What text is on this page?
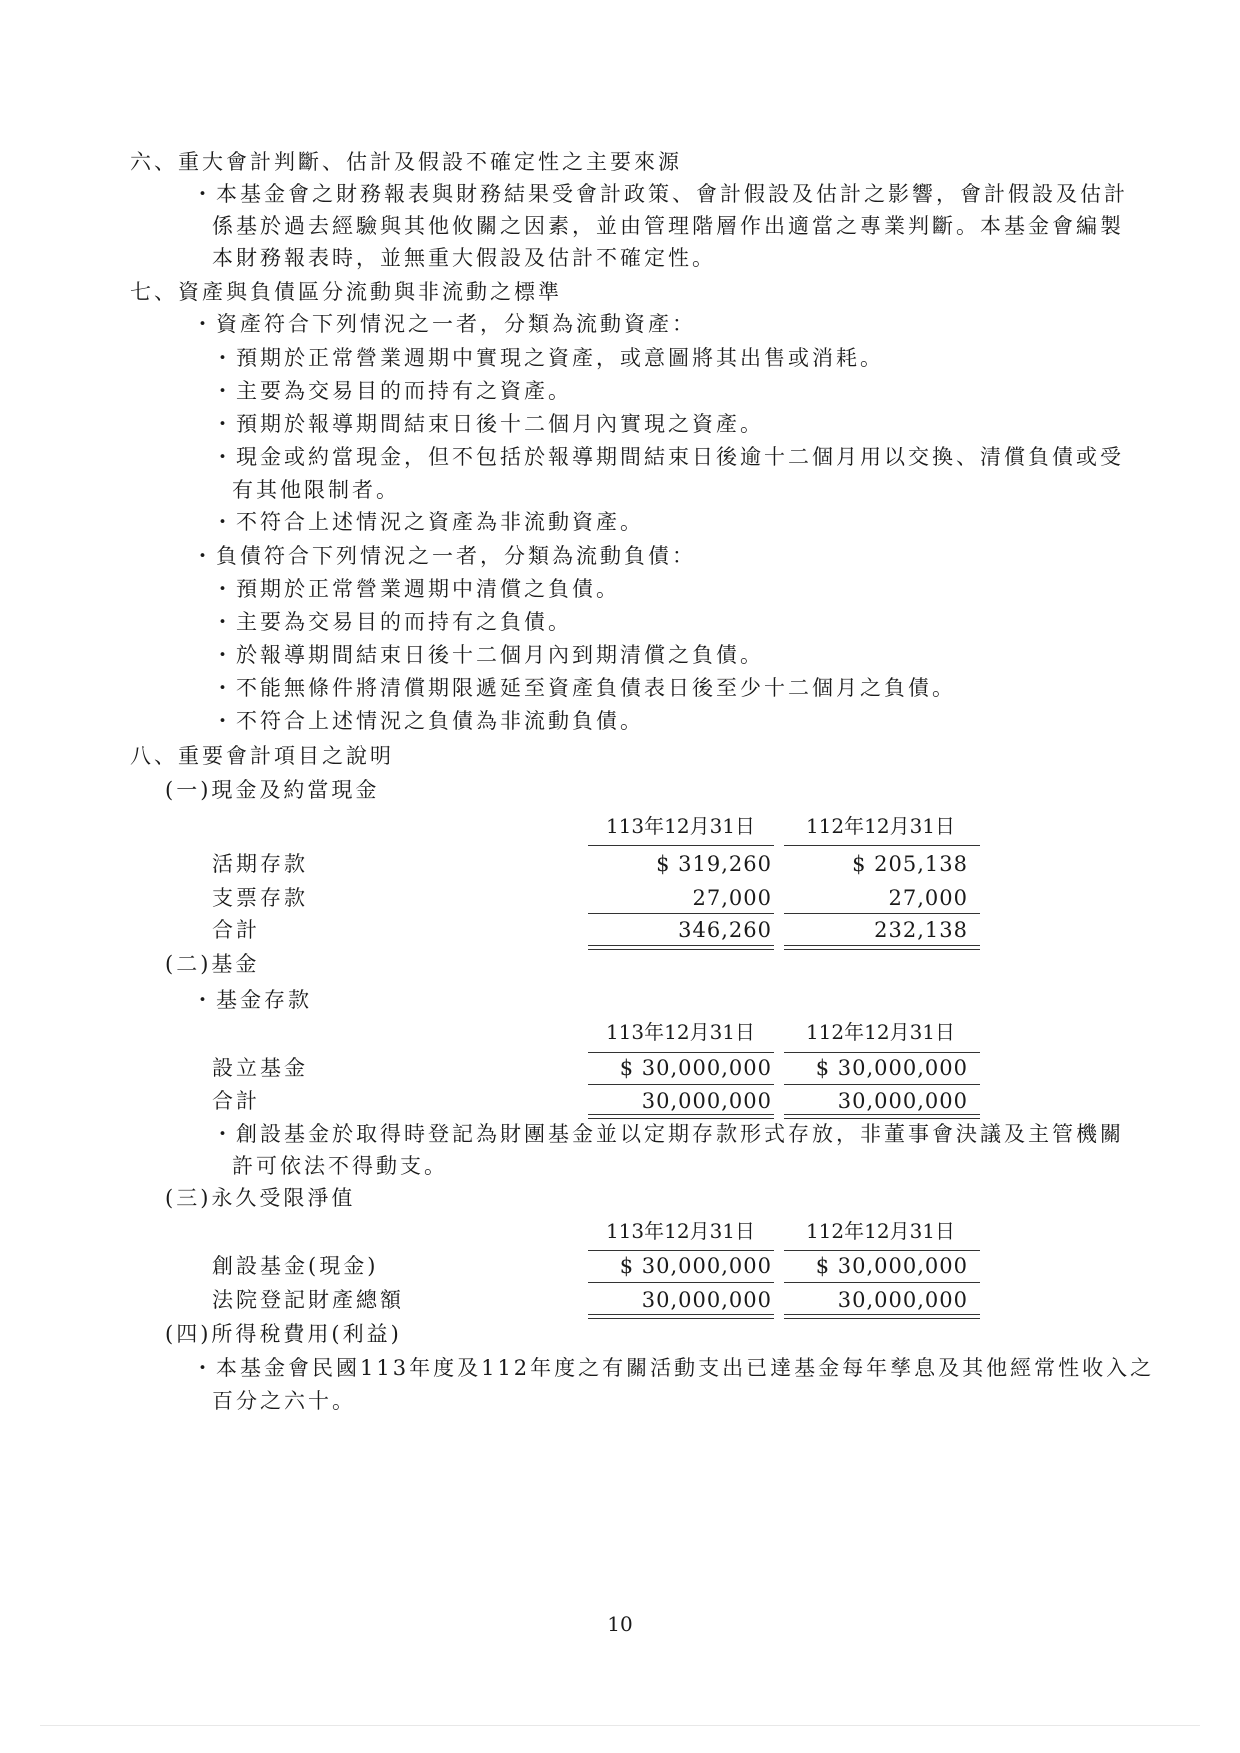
六、重大會計判斷、估計及假設不確定性之主要來源
・本基金會之財務報表與財務結果受會計政策、會計假設及估計之影響，會計假設及估計
係基於過去經驗與其他攸關之因素，並由管理階層作出適當之專業判斷。本基金會編製
本財務報表時，並無重大假設及估計不確定性。
七、資產與負債區分流動與非流動之標準
・資產符合下列情況之一者，分類為流動資產：
・預期於正常營業週期中實現之資產，或意圖將其出售或消耗。
・主要為交易目的而持有之資產。
・預期於報導期間結束日後十二個月內實現之資產。
・現金或約當現金，但不包括於報導期間結束日後逾十二個月用以交換、清償負債或受
有其他限制者。
・不符合上述情況之資產為非流動資產。
・負債符合下列情況之一者，分類為流動負債：
・預期於正常營業週期中清償之負債。
・主要為交易目的而持有之負債。
・於報導期間結束日後十二個月內到期清償之負債。
・不能無條件將清償期限遞延至資產負債表日後至少十二個月之負債。
・不符合上述情況之負債為非流動負債。
八、重要會計項目之說明
(一)現金及約當現金
113年12月31日	112年12月31日
活期存款	$ 319,260	$ 205,138
支票存款	27,000	27,000
合計	346,260	232,138
(二)基金
・基金存款
113年12月31日	112年12月31日
設立基金	$ 30,000,000	$ 30,000,000
合計	30,000,000	30,000,000
・創設基金於取得時登記為財團基金並以定期存款形式存放，非董事會決議及主管機關
許可依法不得動支。
(三)永久受限淨值
113年12月31日	112年12月31日
創設基金(現金)	$ 30,000,000	$ 30,000,000
法院登記財產總額	30,000,000	30,000,000
(四)所得稅費用(利益)
・本基金會民國113年度及112年度之有關活動支出已達基金每年孳息及其他經常性收入之
百分之六十。
10
